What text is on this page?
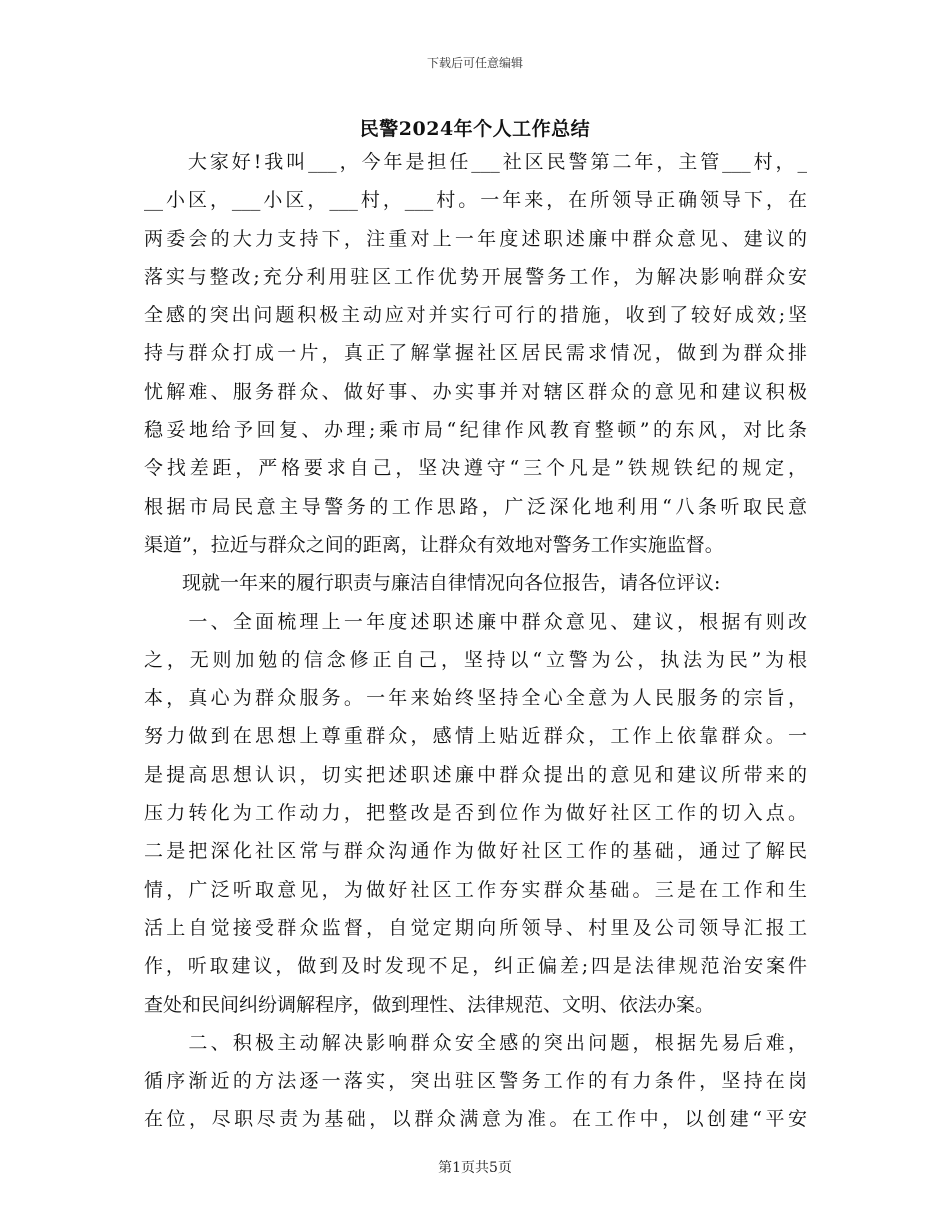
下载后可任意编辑
民警2024年个人工作总结
　　大家好!我叫___，今年是担任___社区民警第二年，主管___村，_
__小区，___小区，___村，___村。一年来，在所领导正确领导下，在
两委会的大力支持下，注重对上一年度述职述廉中群众意见、建议的
落实与整改;充分利用驻区工作优势开展警务工作，为解决影响群众安
全感的突出问题积极主动应对并实行可行的措施，收到了较好成效;坚
持与群众打成一片，真正了解掌握社区居民需求情况，做到为群众排
忧解难、服务群众、做好事、办实事并对辖区群众的意见和建议积极
稳妥地给予回复、办理;乘市局“纪律作风教育整顿”的东风，对比条
令找差距，严格要求自己，坚决遵守“三个凡是”铁规铁纪的规定，
根据市局民意主导警务的工作思路，广泛深化地利用“八条听取民意
渠道”，拉近与群众之间的距离，让群众有效地对警务工作实施监督。
　　现就一年来的履行职责与廉洁自律情况向各位报告，请各位评议:
　　一、全面梳理上一年度述职述廉中群众意见、建议，根据有则改
之，无则加勉的信念修正自己，坚持以“立警为公，执法为民”为根
本，真心为群众服务。一年来始终坚持全心全意为人民服务的宗旨，
努力做到在思想上尊重群众，感情上贴近群众，工作上依靠群众。一
是提高思想认识，切实把述职述廉中群众提出的意见和建议所带来的
压力转化为工作动力，把整改是否到位作为做好社区工作的切入点。
二是把深化社区常与群众沟通作为做好社区工作的基础，通过了解民
情，广泛听取意见，为做好社区工作夯实群众基础。三是在工作和生
活上自觉接受群众监督，自觉定期向所领导、村里及公司领导汇报工
作，听取建议，做到及时发现不足，纠正偏差;四是法律规范治安案件
查处和民间纠纷调解程序，做到理性、法律规范、文明、依法办案。
　　二、积极主动解决影响群众安全感的突出问题，根据先易后难，
循序渐近的方法逐一落实，突出驻区警务工作的有力条件，坚持在岗
在位，尽职尽责为基础，以群众满意为准。在工作中，以创建“平安
第1页共5页
